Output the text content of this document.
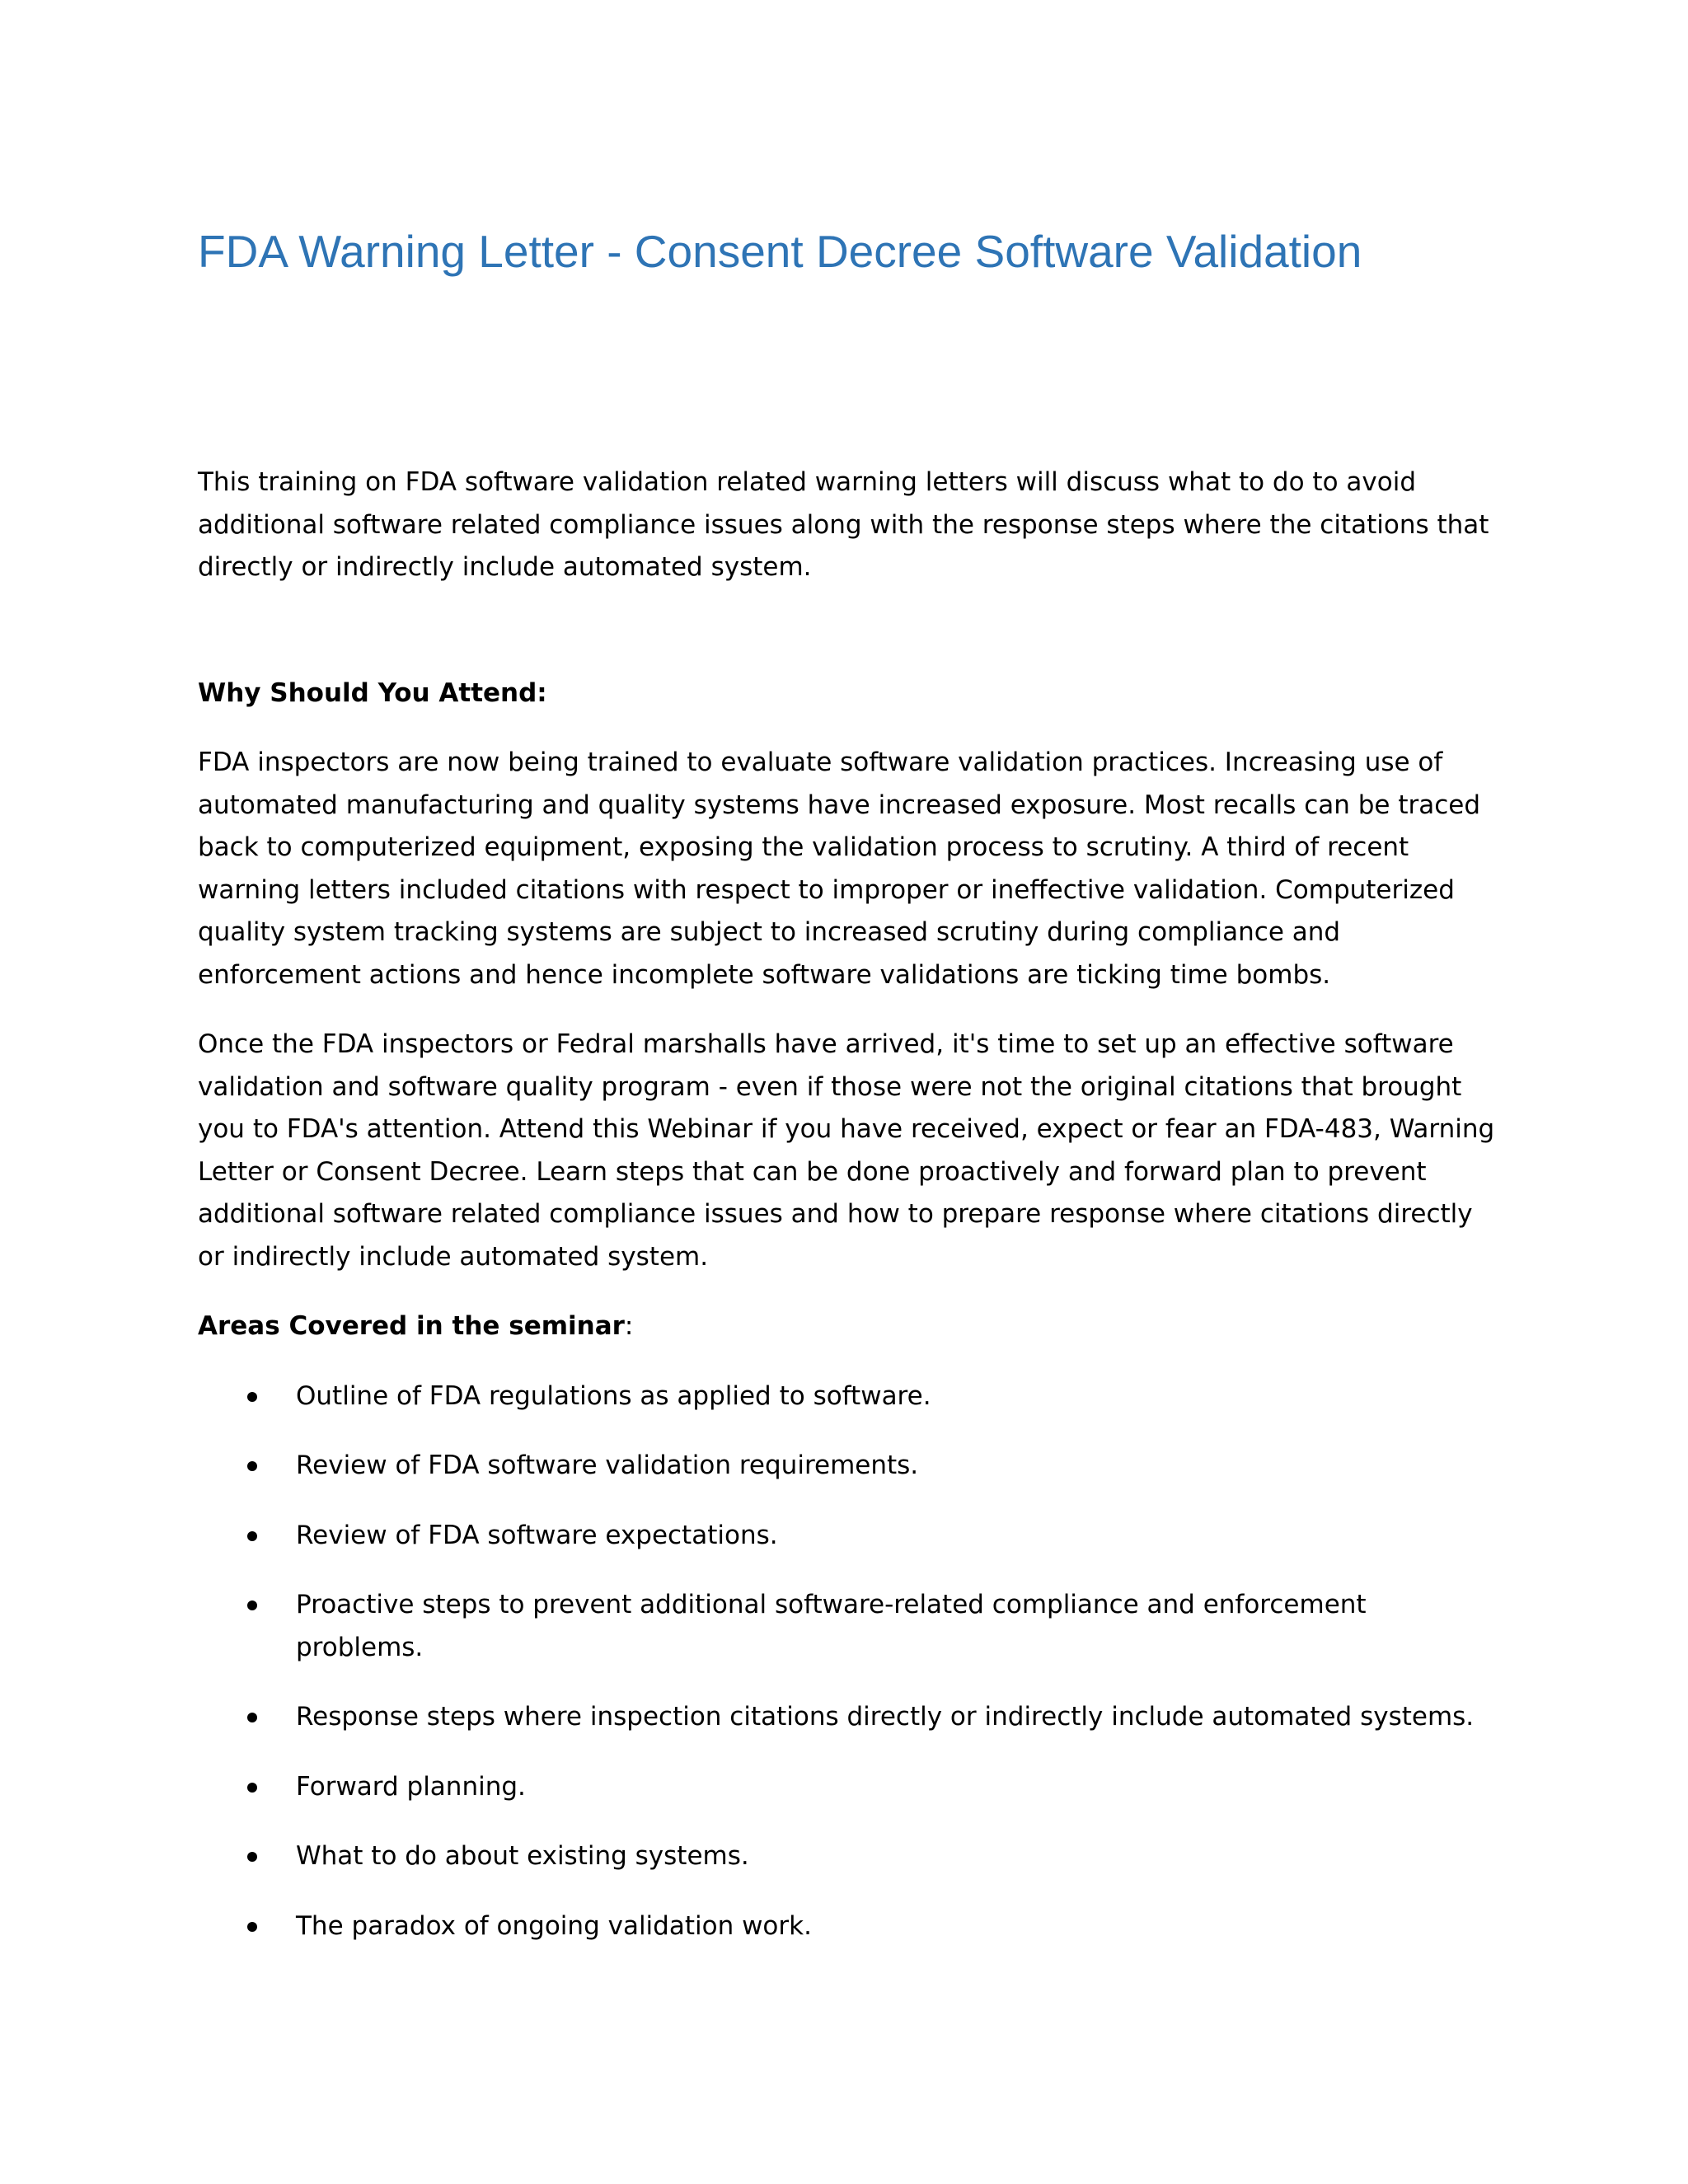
FDA Warning Letter - Consent Decree Software Validation

This training on FDA software validation related warning letters will discuss what to do to avoid additional software related compliance issues along with the response steps where the citations that directly or indirectly include automated system.

Why Should You Attend:

FDA inspectors are now being trained to evaluate software validation practices. Increasing use of automated manufacturing and quality systems have increased exposure. Most recalls can be traced back to computerized equipment, exposing the validation process to scrutiny. A third of recent warning letters included citations with respect to improper or ineffective validation. Computerized quality system tracking systems are subject to increased scrutiny during compliance and enforcement actions and hence incomplete software validations are ticking time bombs.

Once the FDA inspectors or Fedral marshalls have arrived, it's time to set up an effective software validation and software quality program - even if those were not the original citations that brought you to FDA's attention. Attend this Webinar if you have received, expect or fear an FDA-483, Warning Letter or Consent Decree. Learn steps that can be done proactively and forward plan to prevent additional software related compliance issues and how to prepare response where citations directly or indirectly include automated system.

Areas Covered in the seminar:

Outline of FDA regulations as applied to software.
Review of FDA software validation requirements.
Review of FDA software expectations.
Proactive steps to prevent additional software-related compliance and enforcement problems.
Response steps where inspection citations directly or indirectly include automated systems.
Forward planning.
What to do about existing systems.
The paradox of ongoing validation work.
